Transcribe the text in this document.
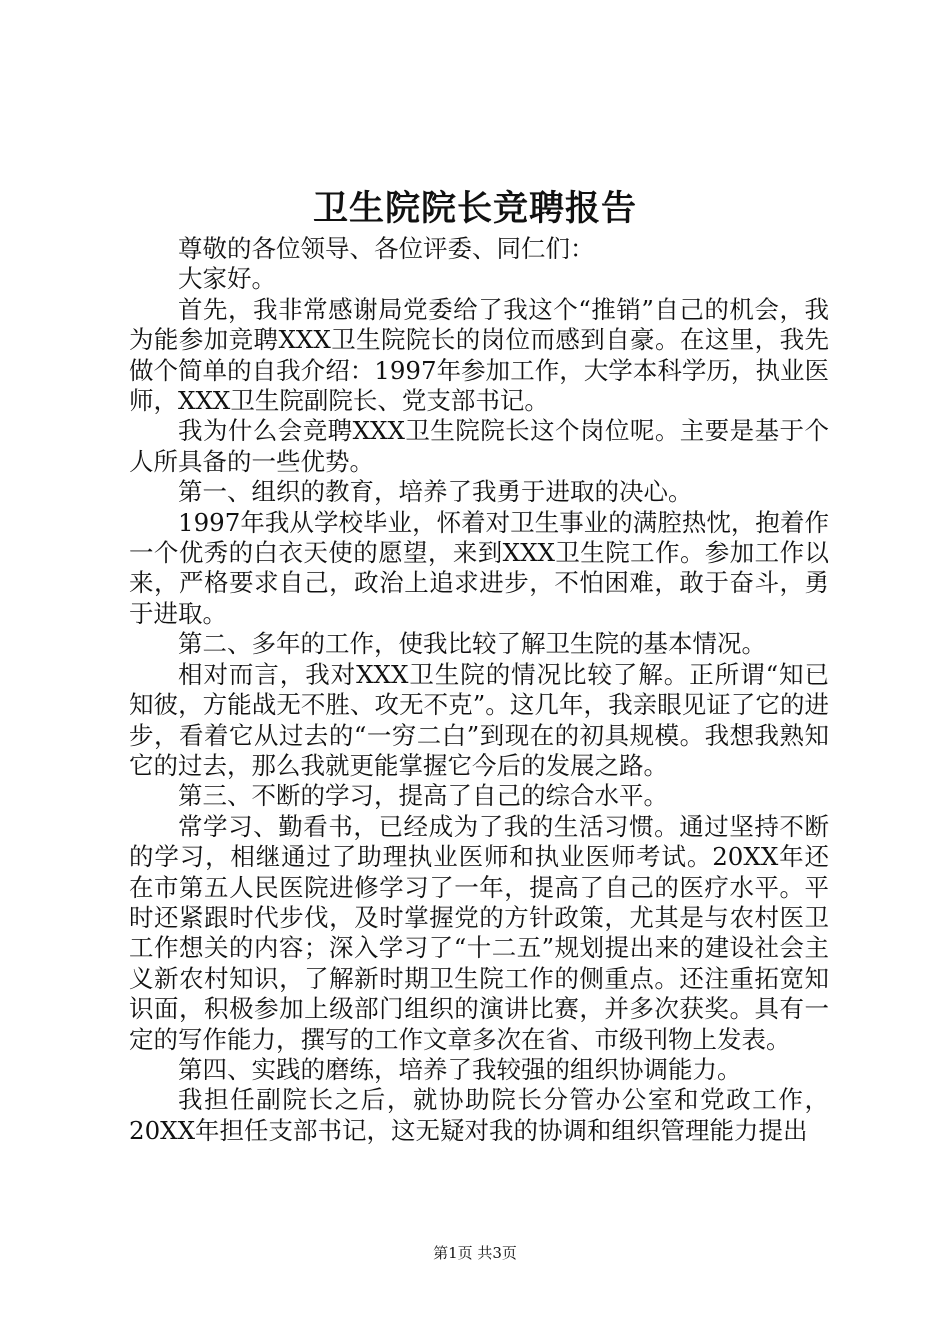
卫生院院长竞聘报告

尊敬的各位领导、各位评委、同仁们：

大家好。

首先，我非常感谢局党委给了我这个“推销”自己的机会，我为能参加竞聘XXX卫生院院长的岗位而感到自豪。在这里，我先做个简单的自我介绍：1997年参加工作，大学本科学历，执业医师，XXX卫生院副院长、党支部书记。

我为什么会竞聘XXX卫生院院长这个岗位呢。主要是基于个人所具备的一些优势。

第一、组织的教育，培养了我勇于进取的决心。

1997年我从学校毕业，怀着对卫生事业的满腔热忱，抱着作一个优秀的白衣天使的愿望，来到XXX卫生院工作。参加工作以来，严格要求自己，政治上追求进步，不怕困难，敢于奋斗，勇于进取。

第二、多年的工作，使我比较了解卫生院的基本情况。

相对而言，我对XXX卫生院的情况比较了解。正所谓“知已知彼，方能战无不胜、攻无不克”。这几年，我亲眼见证了它的进步，看着它从过去的“一穷二白”到现在的初具规模。我想我熟知它的过去，那么我就更能掌握它今后的发展之路。

第三、不断的学习，提高了自己的综合水平。

常学习、勤看书，已经成为了我的生活习惯。通过坚持不断的学习，相继通过了助理执业医师和执业医师考试。20XX年还在市第五人民医院进修学习了一年，提高了自己的医疗水平。平时还紧跟时代步伐，及时掌握党的方针政策，尤其是与农村医卫工作想关的内容；深入学习了“十二五”规划提出来的建设社会主义新农村知识，了解新时期卫生院工作的侧重点。还注重拓宽知识面，积极参加上级部门组织的演讲比赛，并多次获奖。具有一定的写作能力，撰写的工作文章多次在省、市级刊物上发表。

第四、实践的磨练，培养了我较强的组织协调能力。

我担任副院长之后，就协助院长分管办公室和党政工作，20XX年担任支部书记，这无疑对我的协调和组织管理能力提出

第1页 共3页
